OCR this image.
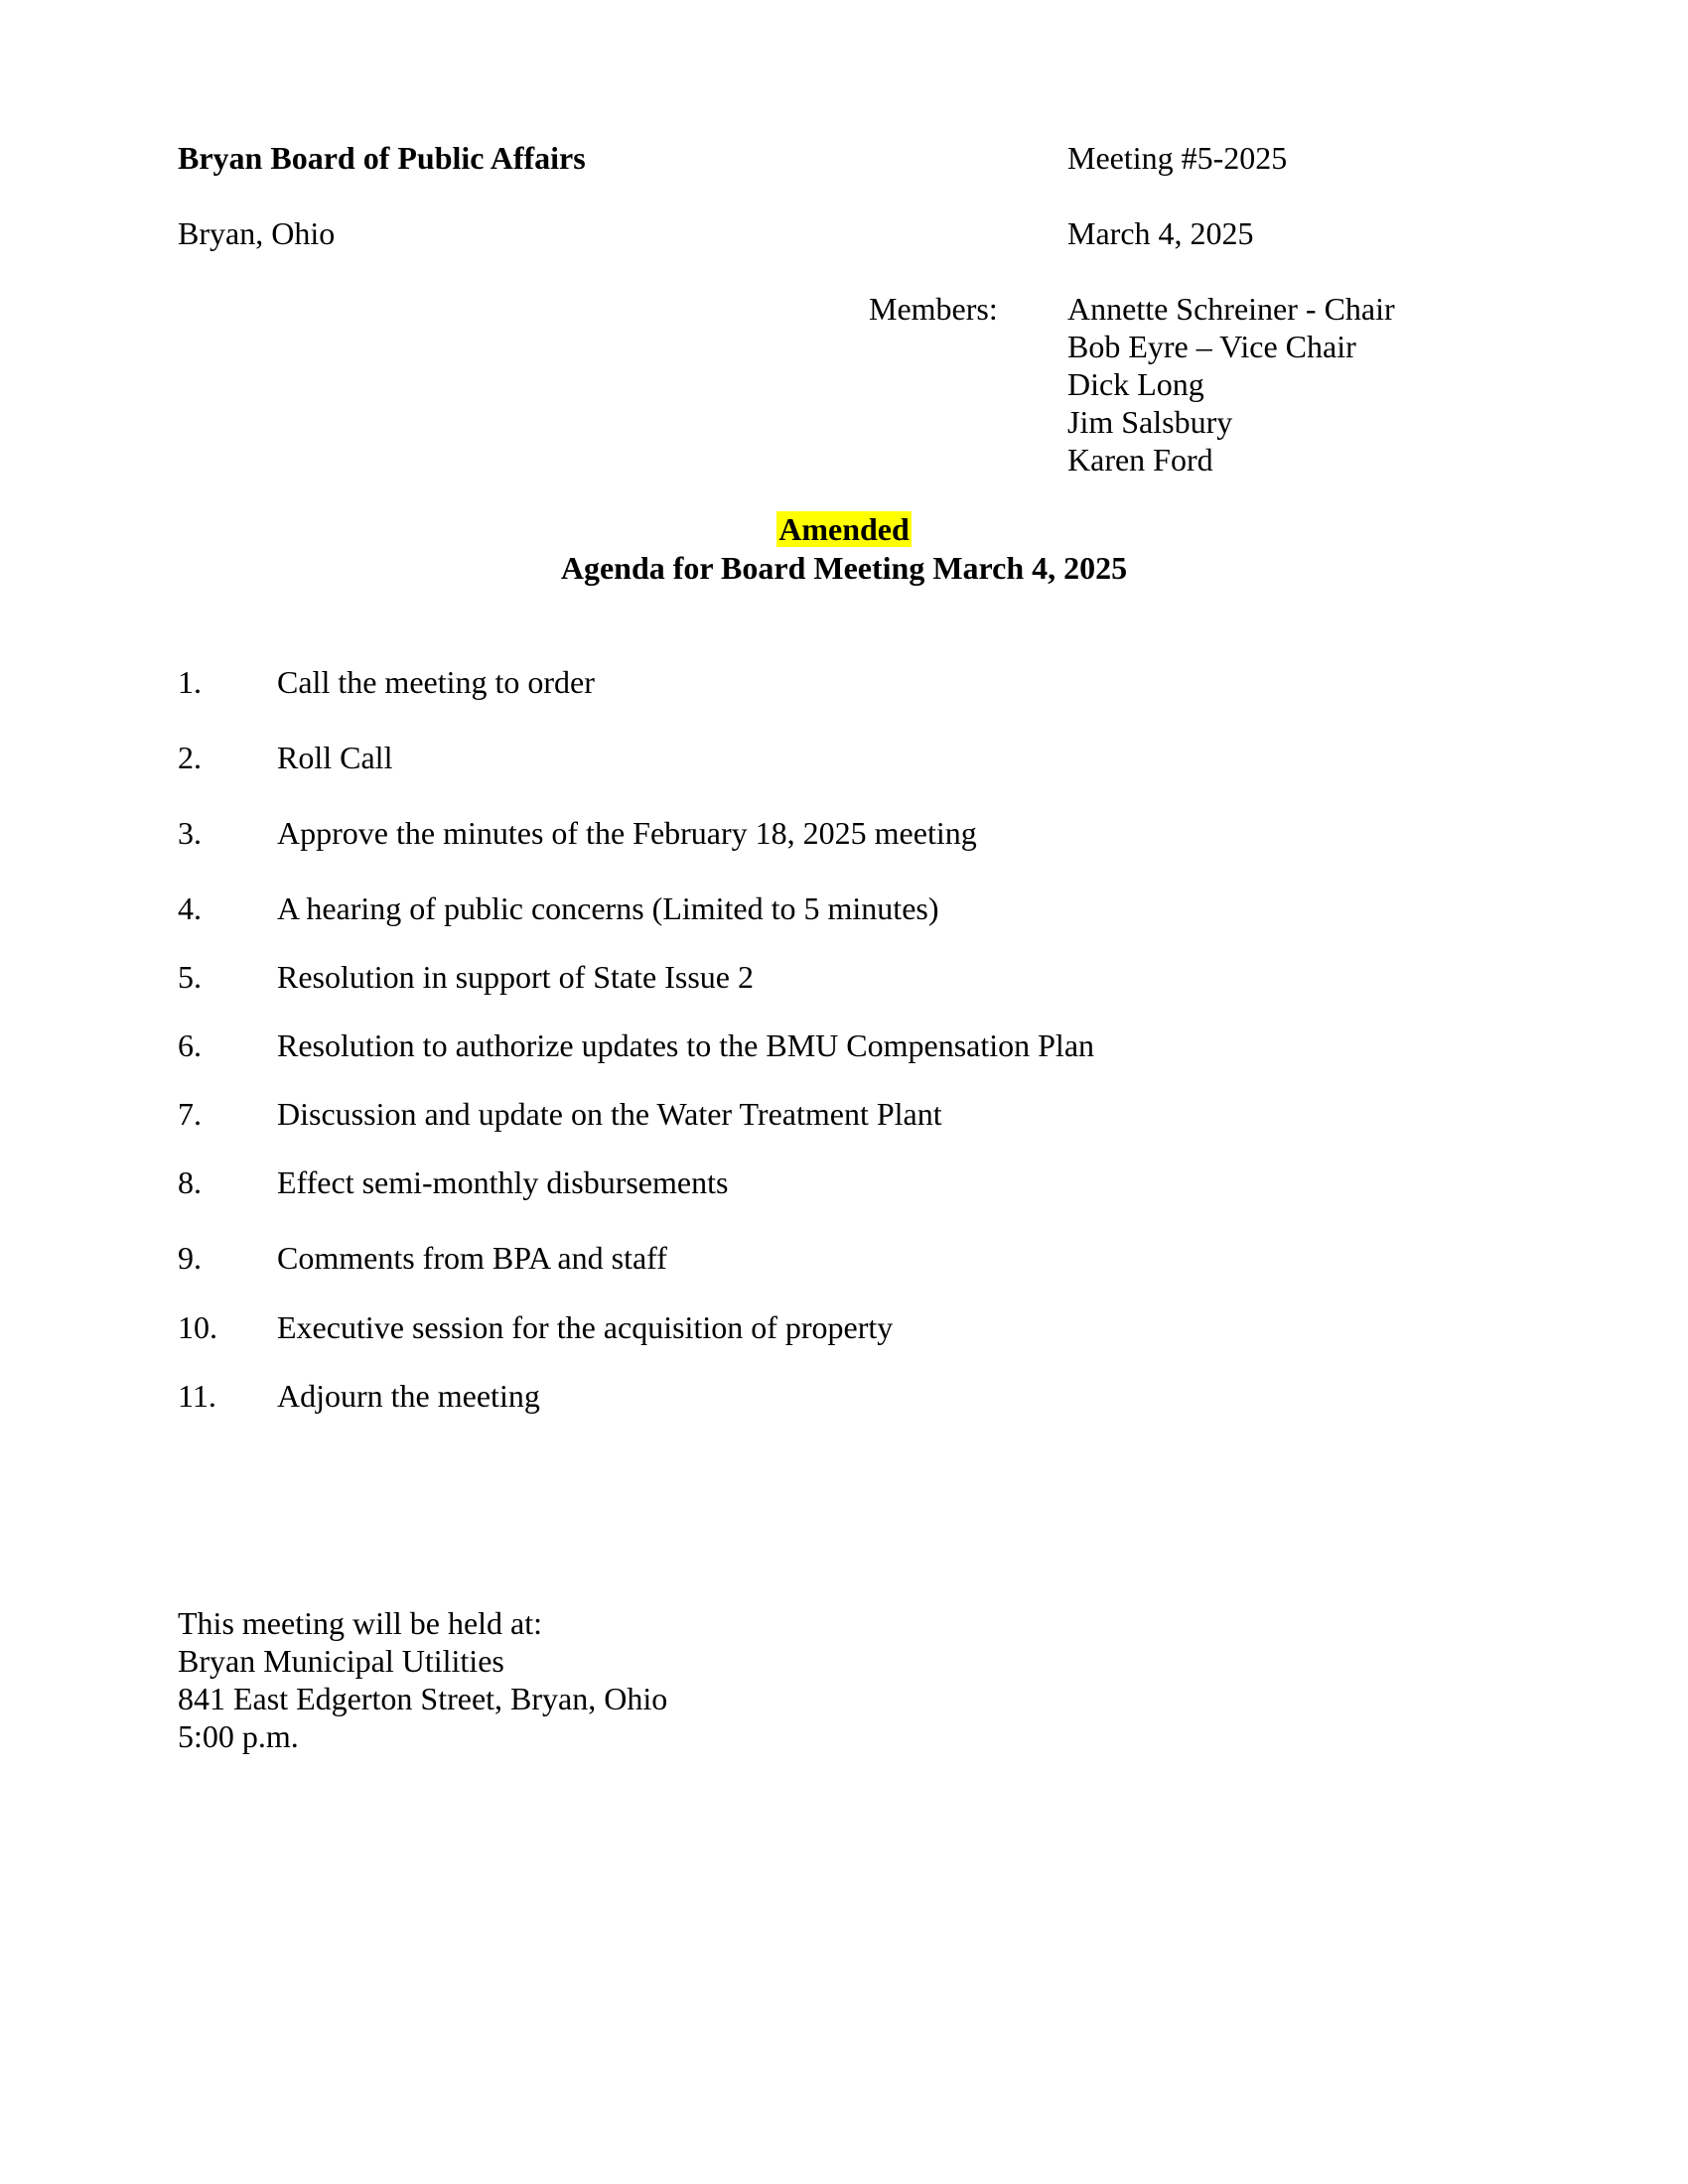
Bryan Board of Public Affairs	Meeting #5-2025
Bryan, Ohio	March 4, 2025
Members: Annette Schreiner - Chair
Bob Eyre – Vice Chair
Dick Long
Jim Salsbury
Karen Ford
Amended
Agenda for Board Meeting March 4, 2025
1. Call the meeting to order
2. Roll Call
3. Approve the minutes of the February 18, 2025 meeting
4. A hearing of public concerns (Limited to 5 minutes)
5. Resolution in support of State Issue 2
6. Resolution to authorize updates to the BMU Compensation Plan
7. Discussion and update on the Water Treatment Plant
8. Effect semi-monthly disbursements
9. Comments from BPA and staff
10. Executive session for the acquisition of property
11. Adjourn the meeting
This meeting will be held at:
Bryan Municipal Utilities
841 East Edgerton Street, Bryan, Ohio
5:00 p.m.
